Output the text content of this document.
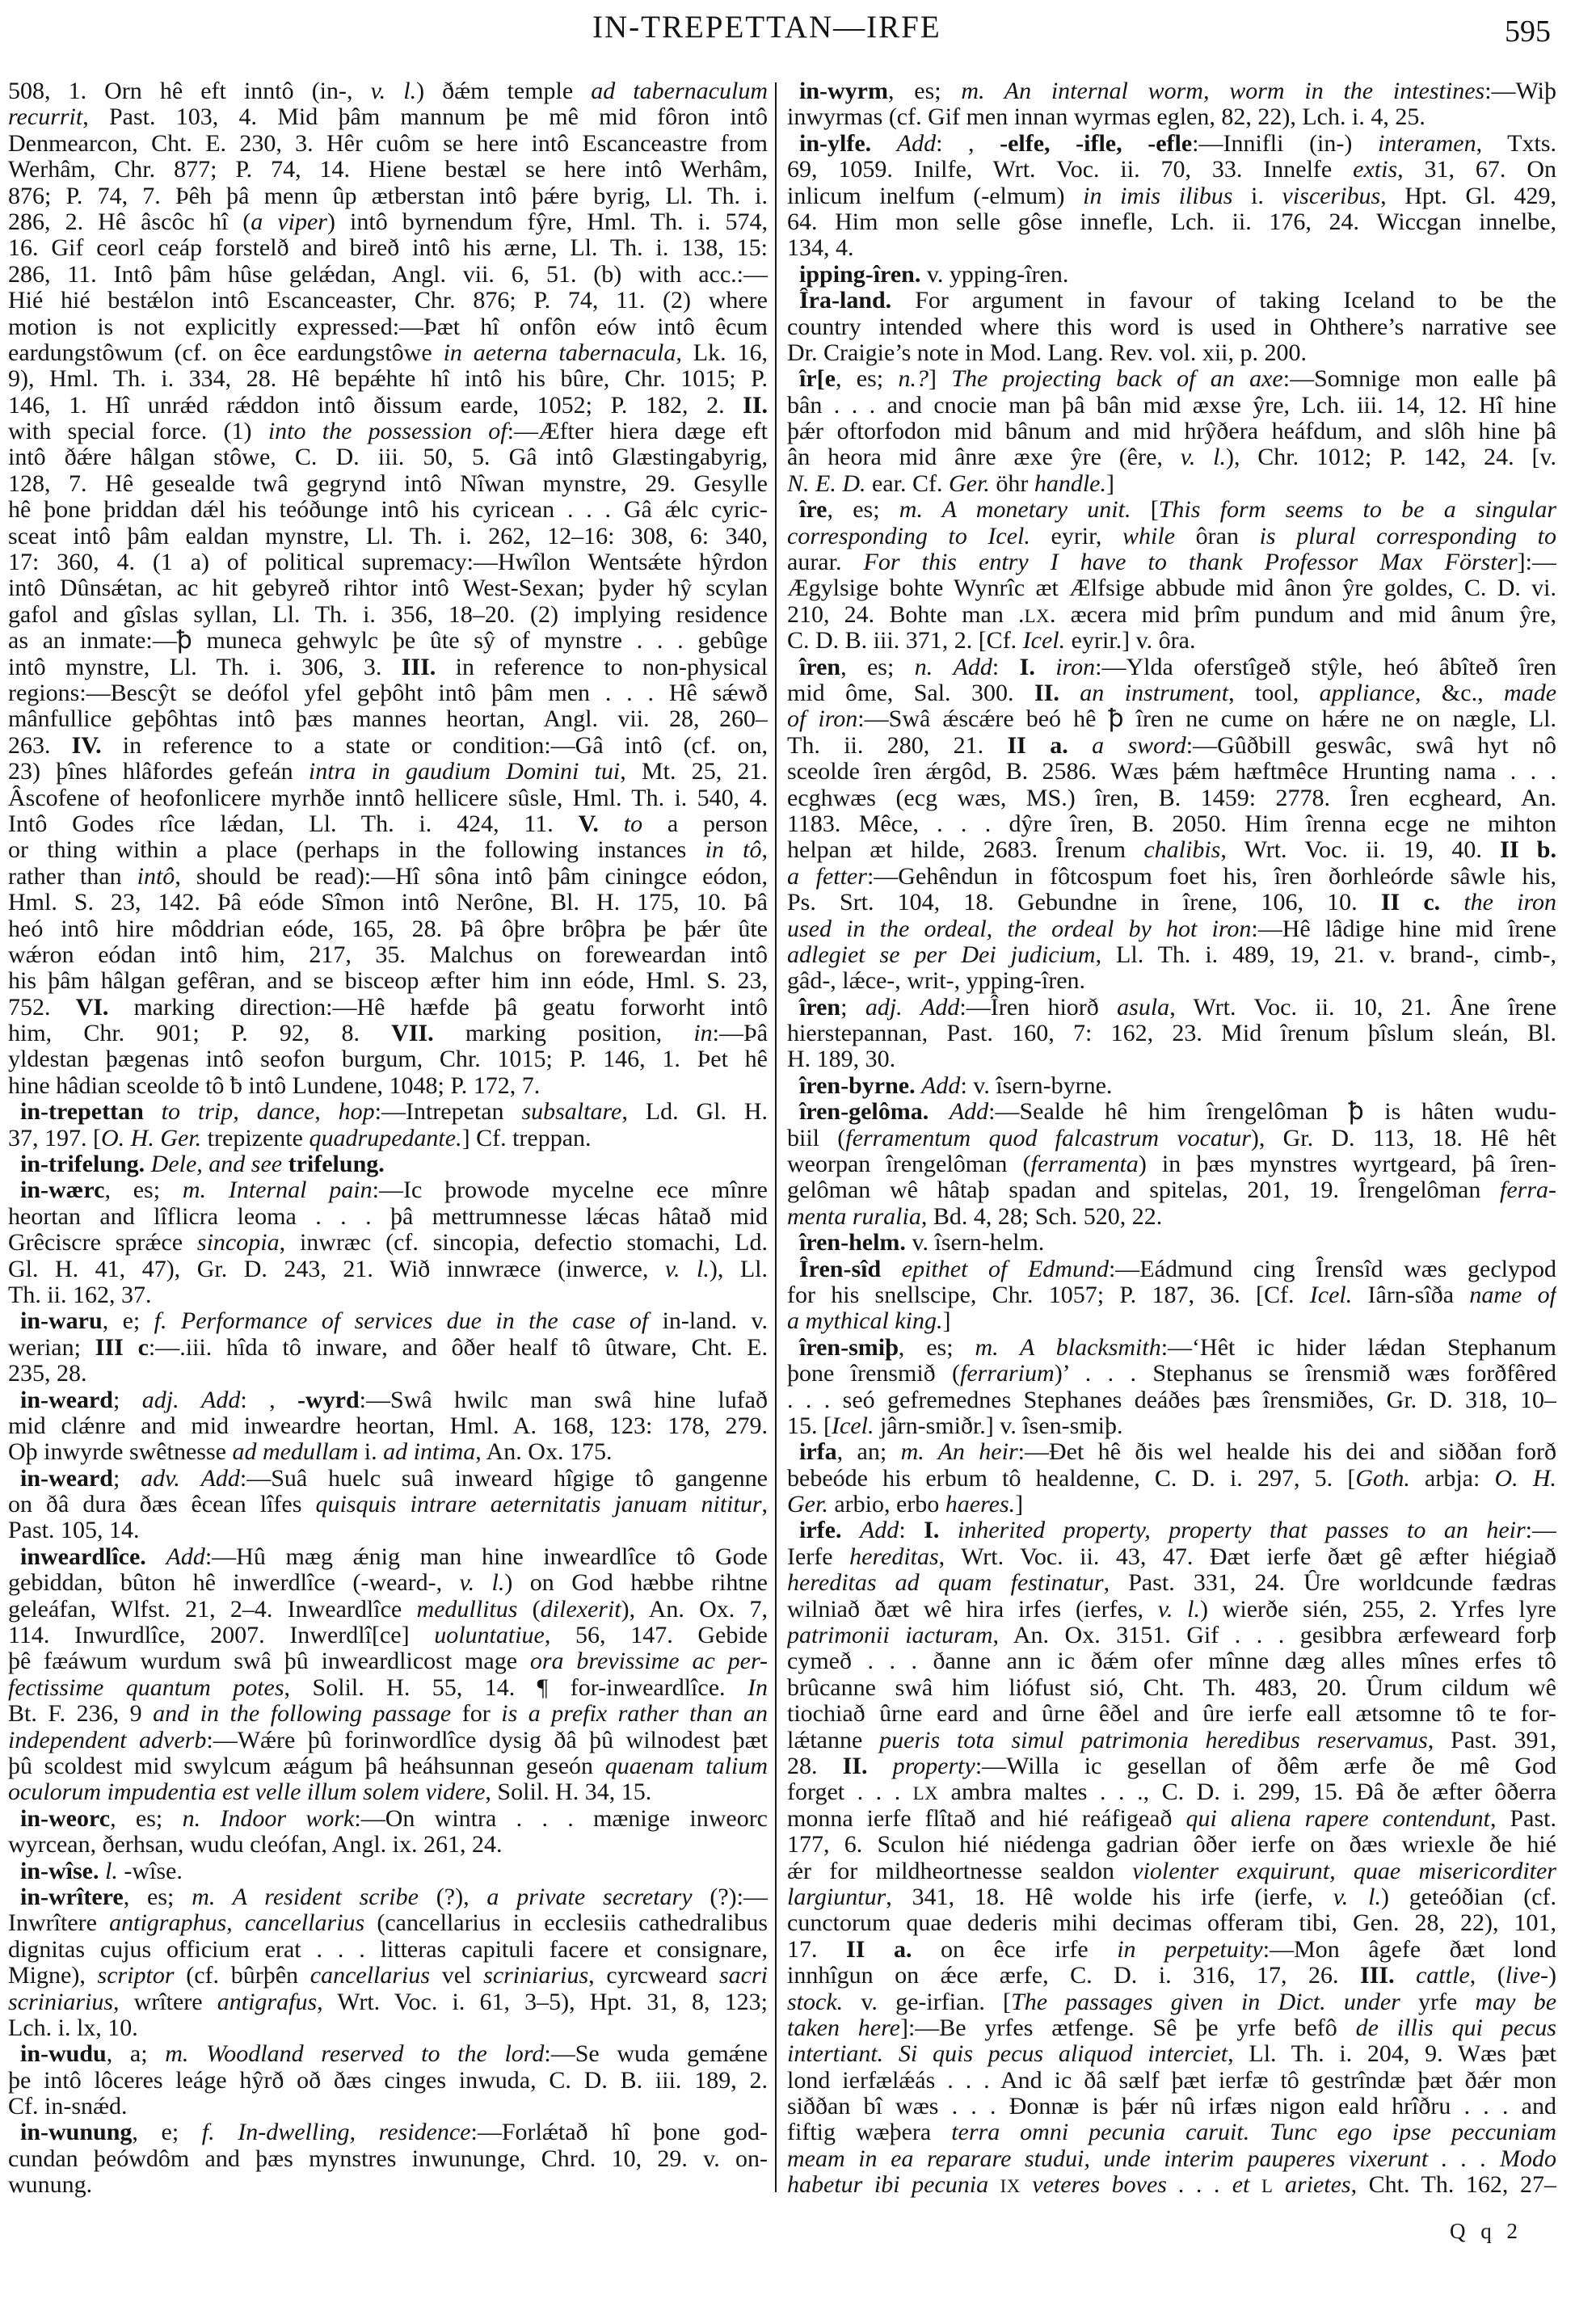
IN-TREPETTAN—IRFE	595
508, 1. Orn hê eft inntô (in-, v. l.) ðǽm temple ad tabernaculum
recurrit, Past. 103, 4. Mid þâm mannum þe mê mid fôron intô
Denmearcon, Cht. E. 230, 3. Hêr cuôm se here intô Escanceastre from
Werhâm, Chr. 877; P. 74, 14. Hiene bestæl se here intô Werhâm,
876; P. 74, 7. Þêh þâ menn ûp ætberstan intô þǽre byrig, Ll. Th. i.
286, 2. Hê âscôc hî (a viper) intô byrnendum fŷre, Hml. Th. i. 574,
16. Gif ceorl ceáp forstelð and bireð intô his ærne, Ll. Th. i. 138, 15:
286, 11. Intô þâm hûse gelǽdan, Angl. vii. 6, 51. (b) with acc.:—
Hié hié bestǽlon intô Escanceaster, Chr. 876; P. 74, 11. (2) where
motion is not explicitly expressed:—Þæt hî onfôn eów intô êcum
eardungstôwum (cf. on êce eardungstôwe in aeterna tabernacula, Lk. 16,
9), Hml. Th. i. 334, 28. Hê bepǽhte hî intô his bûre, Chr. 1015; P.
146, 1. Hî unrǽd rǽddon intô ðissum earde, 1052; P. 182, 2. II.
with special force. (1) into the possession of:—Æfter hiera dæge eft
intô ðǽre hâlgan stôwe, C. D. iii. 50, 5. Gâ intô Glæstingabyrig,
128, 7. Hê gesealde twâ gegrynd intô Nîwan mynstre, 29. Gesylle
hê þone þriddan dǽl his teóðunge intô his cyricean . . . Gâ ǽlc cyric-
sceat intô þâm ealdan mynstre, Ll. Th. i. 262, 12–16: 308, 6: 340,
17: 360, 4. (1 a) of political supremacy:—Hwîlon Wentsǽte hŷrdon
intô Dûnsǽtan, ac hit gebyreð rihtor intô West-Sexan; þyder hŷ scylan
gafol and gîslas syllan, Ll. Th. i. 356, 18–20. (2) implying residence
as an inmate:—ꝥ muneca gehwylc þe ûte sŷ of mynstre . . . gebûge
intô mynstre, Ll. Th. i. 306, 3. III. in reference to non-physical
regions:—Bescŷt se deófol yfel geþôht intô þâm men . . . Hê sǽwð
mânfullice geþôhtas intô þæs mannes heortan, Angl. vii. 28, 260–
263. IV. in reference to a state or condition:—Gâ intô (cf. on,
23) þînes hlâfordes gefeán intra in gaudium Domini tui, Mt. 25, 21.
Âscofene of heofonlicere myrhðe inntô hellicere sûsle, Hml. Th. i. 540, 4.
Intô Godes rîce lǽdan, Ll. Th. i. 424, 11. V. to a person
or thing within a place (perhaps in the following instances in tô,
rather than intô, should be read):—Hî sôna intô þâm ciningce eódon,
Hml. S. 23, 142. Þâ eóde Sîmon intô Nerône, Bl. H. 175, 10. Þâ
heó intô hire môddrian eóde, 165, 28. Þâ ôþre brôþra þe þǽr ûte
wǽron eódan intô him, 217, 35. Malchus on foreweardan intô
his þâm hâlgan gefêran, and se bisceop æfter him inn eóde, Hml. S. 23,
752. VI. marking direction:—Hê hæfde þâ geatu forworht intô
him, Chr. 901; P. 92, 8. VII. marking position, in:—Þâ
yldestan þægenas intô seofon burgum, Chr. 1015; P. 146, 1. Þet hê
hine hâdian sceolde tô ƀ intô Lundene, 1048; P. 172, 7.
in-trepettan to trip, dance, hop:—Intrepetan subsaltare, Ld. Gl. H.
37, 197. [O. H. Ger. trepizente quadrupedante.] Cf. treppan.
in-trifelung. Dele, and see trifelung.
in-wærc, es; m. Internal pain:—Ic þrowode mycelne ece mînre
heortan and lîflicra leoma . . . þâ mettrumnesse lǽcas hâtað mid
Grêciscre sprǽce sincopia, inwræc (cf. sincopia, defectio stomachi, Ld.
Gl. H. 41, 47), Gr. D. 243, 21. Wið innwræce (inwerce, v. l.), Ll.
Th. ii. 162, 37.
in-waru, e; f. Performance of services due in the case of in-land. v.
werian; III c:—.iii. hîda tô inware, and ôðer healf tô ûtware, Cht. E.
235, 28.
in-weard; adj. Add: , -wyrd:—Swâ hwilc man swâ hine lufað
mid clǽnre and mid inweardre heortan, Hml. A. 168, 123: 178, 279.
Oþ inwyrde swêtnesse ad medullam i. ad intima, An. Ox. 175.
in-weard; adv. Add:—Suâ huelc suâ inweard hîgige tô gangenne
on ðâ dura ðæs êcean lîfes quisquis intrare aeternitatis januam nititur,
Past. 105, 14.
inweardlîce. Add:—Hû mæg ǽnig man hine inweardlîce tô Gode
gebiddan, bûton hê inwerdlîce (-weard-, v. l.) on God hæbbe rihtne
geleáfan, Wlfst. 21, 2–4. Inweardlîce medullitus (dilexerit), An. Ox. 7,
114. Inwurdlîce, 2007. Inwerdlî[ce] uoluntatiue, 56, 147. Gebide
þê fæáwum wurdum swâ þû inweardlicost mage ora brevissime ac per-
fectissime quantum potes, Solil. H. 55, 14. ¶ for-inweardlîce. In
Bt. F. 236, 9 and in the following passage for is a prefix rather than an
independent adverb:—Wǽre þû forinwordlîce dysig ðâ þû wilnodest þæt
þû scoldest mid swylcum æágum þâ heáhsunnan geseón quaenam talium
oculorum impudentia est velle illum solem videre, Solil. H. 34, 15.
in-weorc, es; n. Indoor work:—On wintra . . . mænige inweorc
wyrcean, ðerhsan, wudu cleófan, Angl. ix. 261, 24.
in-wîse. l. -wîse.
in-wrîtere, es; m. A resident scribe (?), a private secretary (?):—
Inwrîtere antigraphus, cancellarius (cancellarius in ecclesiis cathedralibus
dignitas cujus officium erat . . . litteras capituli facere et consignare,
Migne), scriptor (cf. bûrþên cancellarius vel scriniarius, cyrcweard sacri
scriniarius, wrîtere antigrafus, Wrt. Voc. i. 61, 3–5), Hpt. 31, 8, 123;
Lch. i. lx, 10.
in-wudu, a; m. Woodland reserved to the lord:—Se wuda gemǽne
þe intô lôceres leáge hŷrð oð ðæs cinges inwuda, C. D. B. iii. 189, 2.
Cf. in-snǽd.
in-wunung, e; f. In-dwelling, residence:—Forlǽtað hî þone god-
cundan þeówdôm and þæs mynstres inwununge, Chrd. 10, 29. v. on-
wunung.
in-wyrm, es; m. An internal worm, worm in the intestines:—Wiþ
inwyrmas (cf. Gif men innan wyrmas eglen, 82, 22), Lch. i. 4, 25.
in-ylfe. Add: , -elfe, -ifle, -efle:—Innifli (in-) interamen, Txts.
69, 1059. Inilfe, Wrt. Voc. ii. 70, 33. Innelfe extis, 31, 67. On
inlicum inelfum (-elmum) in imis ilibus i. visceribus, Hpt. Gl. 429,
64. Him mon selle gôse innefle, Lch. ii. 176, 24. Wiccgan innelbe,
134, 4.
ipping-îren. v. ypping-îren.
Îra-land. For argument in favour of taking Iceland to be the
country intended where this word is used in Ohthere’s narrative see
Dr. Craigie’s note in Mod. Lang. Rev. vol. xii, p. 200.
îr[e, es; n.?] The projecting back of an axe:—Somnige mon ealle þâ
bân . . . and cnocie man þâ bân mid æxse ŷre, Lch. iii. 14, 12. Hî hine
þǽr oftorfodon mid bânum and mid hrŷðera heáfdum, and slôh hine þâ
ân heora mid ânre æxe ŷre (êre, v. l.), Chr. 1012; P. 142, 24. [v.
N. E. D. ear. Cf. Ger. öhr handle.]
îre, es; m. A monetary unit. [This form seems to be a singular
corresponding to Icel. eyrir, while ôran is plural corresponding to
aurar. For this entry I have to thank Professor Max Förster]:—
Ægylsige bohte Wynrîc æt Ælfsige abbude mid ânon ŷre goldes, C. D. vi.
210, 24. Bohte man .LX. æcera mid þrîm pundum and mid ânum ŷre,
C. D. B. iii. 371, 2. [Cf. Icel. eyrir.] v. ôra.
îren, es; n. Add: I. iron:—Ylda oferstîgeð stŷle, heó âbîteð îren
mid ôme, Sal. 300. II. an instrument, tool, appliance, &c., made
of iron:—Swâ ǽscǽre beó hê ꝥ îren ne cume on hǽre ne on nægle, Ll.
Th. ii. 280, 21. II a. a sword:—Gûðbill geswâc, swâ hyt nô
sceolde îren ǽrgôd, B. 2586. Wæs þǽm hæftmêce Hrunting nama . . .
ecghwæs (ecg wæs, MS.) îren, B. 1459: 2778. Îren ecgheard, An.
1183. Mêce, . . . dŷre îren, B. 2050. Him îrenna ecge ne mihton
helpan æt hilde, 2683. Îrenum chalibis, Wrt. Voc. ii. 19, 40. II b.
a fetter:—Gehêndun in fôtcospum foet his, îren ðorhleórde sâwle his,
Ps. Srt. 104, 18. Gebundne in îrene, 106, 10. II c. the iron
used in the ordeal, the ordeal by hot iron:—Hê lâdige hine mid îrene
adlegiet se per Dei judicium, Ll. Th. i. 489, 19, 21. v. brand-, cimb-,
gâd-, lǽce-, writ-, ypping-îren.
îren; adj. Add:—Îren hiorð asula, Wrt. Voc. ii. 10, 21. Âne îrene
hierstepannan, Past. 160, 7: 162, 23. Mid îrenum þîslum sleán, Bl.
H. 189, 30.
îren-byrne. Add: v. îsern-byrne.
îren-gelôma. Add:—Sealde hê him îrengelôman ꝥ is hâten wudu-
biil (ferramentum quod falcastrum vocatur), Gr. D. 113, 18. Hê hêt
weorpan îrengelôman (ferramenta) in þæs mynstres wyrtgeard, þâ îren-
gelôman wê hâtaþ spadan and spitelas, 201, 19. Îrengelôman ferra-
menta ruralia, Bd. 4, 28; Sch. 520, 22.
îren-helm. v. îsern-helm.
Îren-sîd epithet of Edmund:—Eádmund cing Îrensîd wæs geclypod
for his snellscipe, Chr. 1057; P. 187, 36. [Cf. Icel. Iârn-sîða name of
a mythical king.]
îren-smiþ, es; m. A blacksmith:—‘Hêt ic hider lǽdan Stephanum
þone îrensmið (ferrarium)’ . . . Stephanus se îrensmið wæs forðfêred
. . . seó gefremednes Stephanes deáðes þæs îrensmiðes, Gr. D. 318, 10–
15. [Icel. jârn-smiðr.] v. îsen-smiþ.
irfa, an; m. An heir:—Ðet hê ðis wel healde his dei and siððan forð
bebeóde his erbum tô healdenne, C. D. i. 297, 5. [Goth. arbja: O. H.
Ger. arbio, erbo haeres.]
irfe. Add: I. inherited property, property that passes to an heir:—
Ierfe hereditas, Wrt. Voc. ii. 43, 47. Ðæt ierfe ðæt gê æfter hiégiað
hereditas ad quam festinatur, Past. 331, 24. Ûre worldcunde fædras
wilniað ðæt wê hira irfes (ierfes, v. l.) wierðe sién, 255, 2. Yrfes lyre
patrimonii iacturam, An. Ox. 3151. Gif . . . gesibbra ærfeweard forþ
cymeð . . . ðanne ann ic ðǽm ofer mînne dæg alles mînes erfes tô
brûcanne swâ him liófust sió, Cht. Th. 483, 20. Ûrum cildum wê
tiochiað ûrne eard and ûrne êðel and ûre ierfe eall ætsomne tô te for-
lǽtanne pueris tota simul patrimonia heredibus reservamus, Past. 391,
28. II. property:—Willa ic gesellan of ðêm ærfe ðe mê God
forget . . . LX ambra maltes . . ., C. D. i. 299, 15. Ðâ ðe æfter ôðerra
monna ierfe flîtað and hié reáfigeað qui aliena rapere contendunt, Past.
177, 6. Sculon hié niédenga gadrian ôðer ierfe on ðæs wriexle ðe hié
ǽr for mildheortnesse sealdon violenter exquirunt, quae misericorditer
largiuntur, 341, 18. Hê wolde his irfe (ierfe, v. l.) geteóðian (cf.
cunctorum quae dederis mihi decimas offeram tibi, Gen. 28, 22), 101,
17. II a. on êce irfe in perpetuity:—Mon âgefe ðæt lond
innhîgun on ǽce ærfe, C. D. i. 316, 17, 26. III. cattle, (live-)
stock. v. ge-irfian. [The passages given in Dict. under yrfe may be
taken here]:—Be yrfes ætfenge. Sê þe yrfe befô de illis qui pecus
intertiant. Si quis pecus aliquod interciet, Ll. Th. i. 204, 9. Wæs þæt
lond ierfælǽás . . . And ic ðâ sælf þæt ierfæ tô gestrîndæ þæt ðǽr mon
siððan bî wæs . . . Ðonnæ is þǽr nû irfæs nigon eald hrîðru . . . and
fiftig wæþera terra omni pecunia caruit. Tunc ego ipse peccuniam
meam in ea reparare studui, unde interim pauperes vixerunt . . . Modo
habetur ibi pecunia IX veteres boves . . . et L arietes, Cht. Th. 162, 27–
Q q 2
